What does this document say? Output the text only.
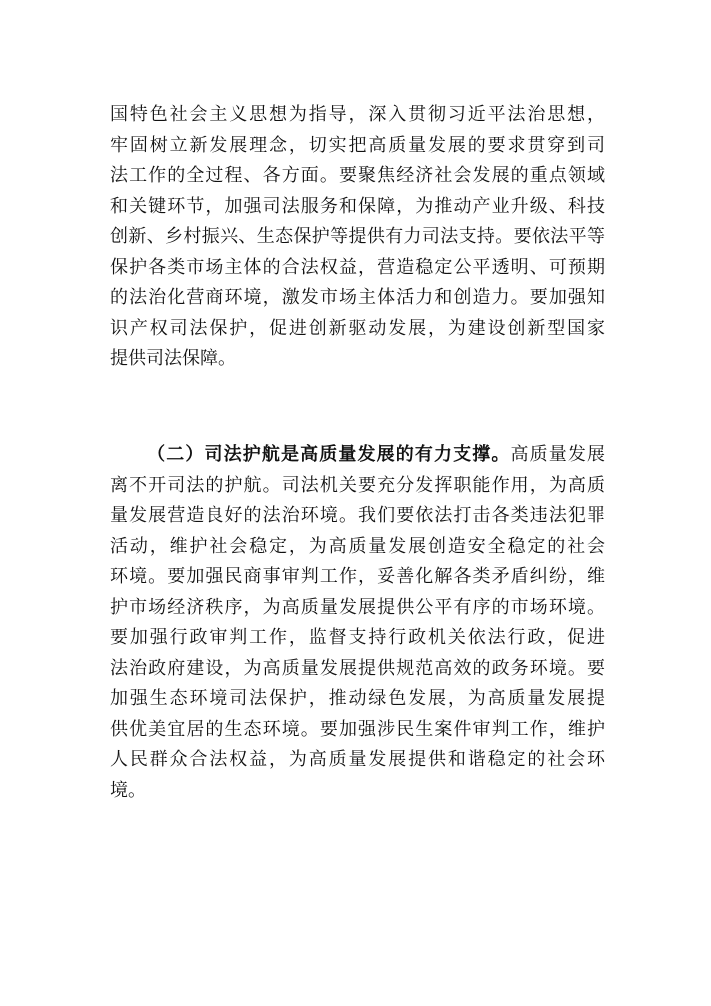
国特色社会主义思想为指导，深入贯彻习近平法治思想，
牢固树立新发展理念，切实把高质量发展的要求贯穿到司
法工作的全过程、各方面。要聚焦经济社会发展的重点领域
和关键环节，加强司法服务和保障，为推动产业升级、科技
创新、乡村振兴、生态保护等提供有力司法支持。要依法平等
保护各类市场主体的合法权益，营造稳定公平透明、可预期
的法治化营商环境，激发市场主体活力和创造力。要加强知
识产权司法保护，促进创新驱动发展，为建设创新型国家
提供司法保障。
（二）司法护航是高质量发展的有力支撑。高质量发展
离不开司法的护航。司法机关要充分发挥职能作用，为高质
量发展营造良好的法治环境。我们要依法打击各类违法犯罪
活动，维护社会稳定，为高质量发展创造安全稳定的社会
环境。要加强民商事审判工作，妥善化解各类矛盾纠纷，维
护市场经济秩序，为高质量发展提供公平有序的市场环境。
要加强行政审判工作，监督支持行政机关依法行政，促进
法治政府建设，为高质量发展提供规范高效的政务环境。要
加强生态环境司法保护，推动绿色发展，为高质量发展提
供优美宜居的生态环境。要加强涉民生案件审判工作，维护
人民群众合法权益，为高质量发展提供和谐稳定的社会环
境。
